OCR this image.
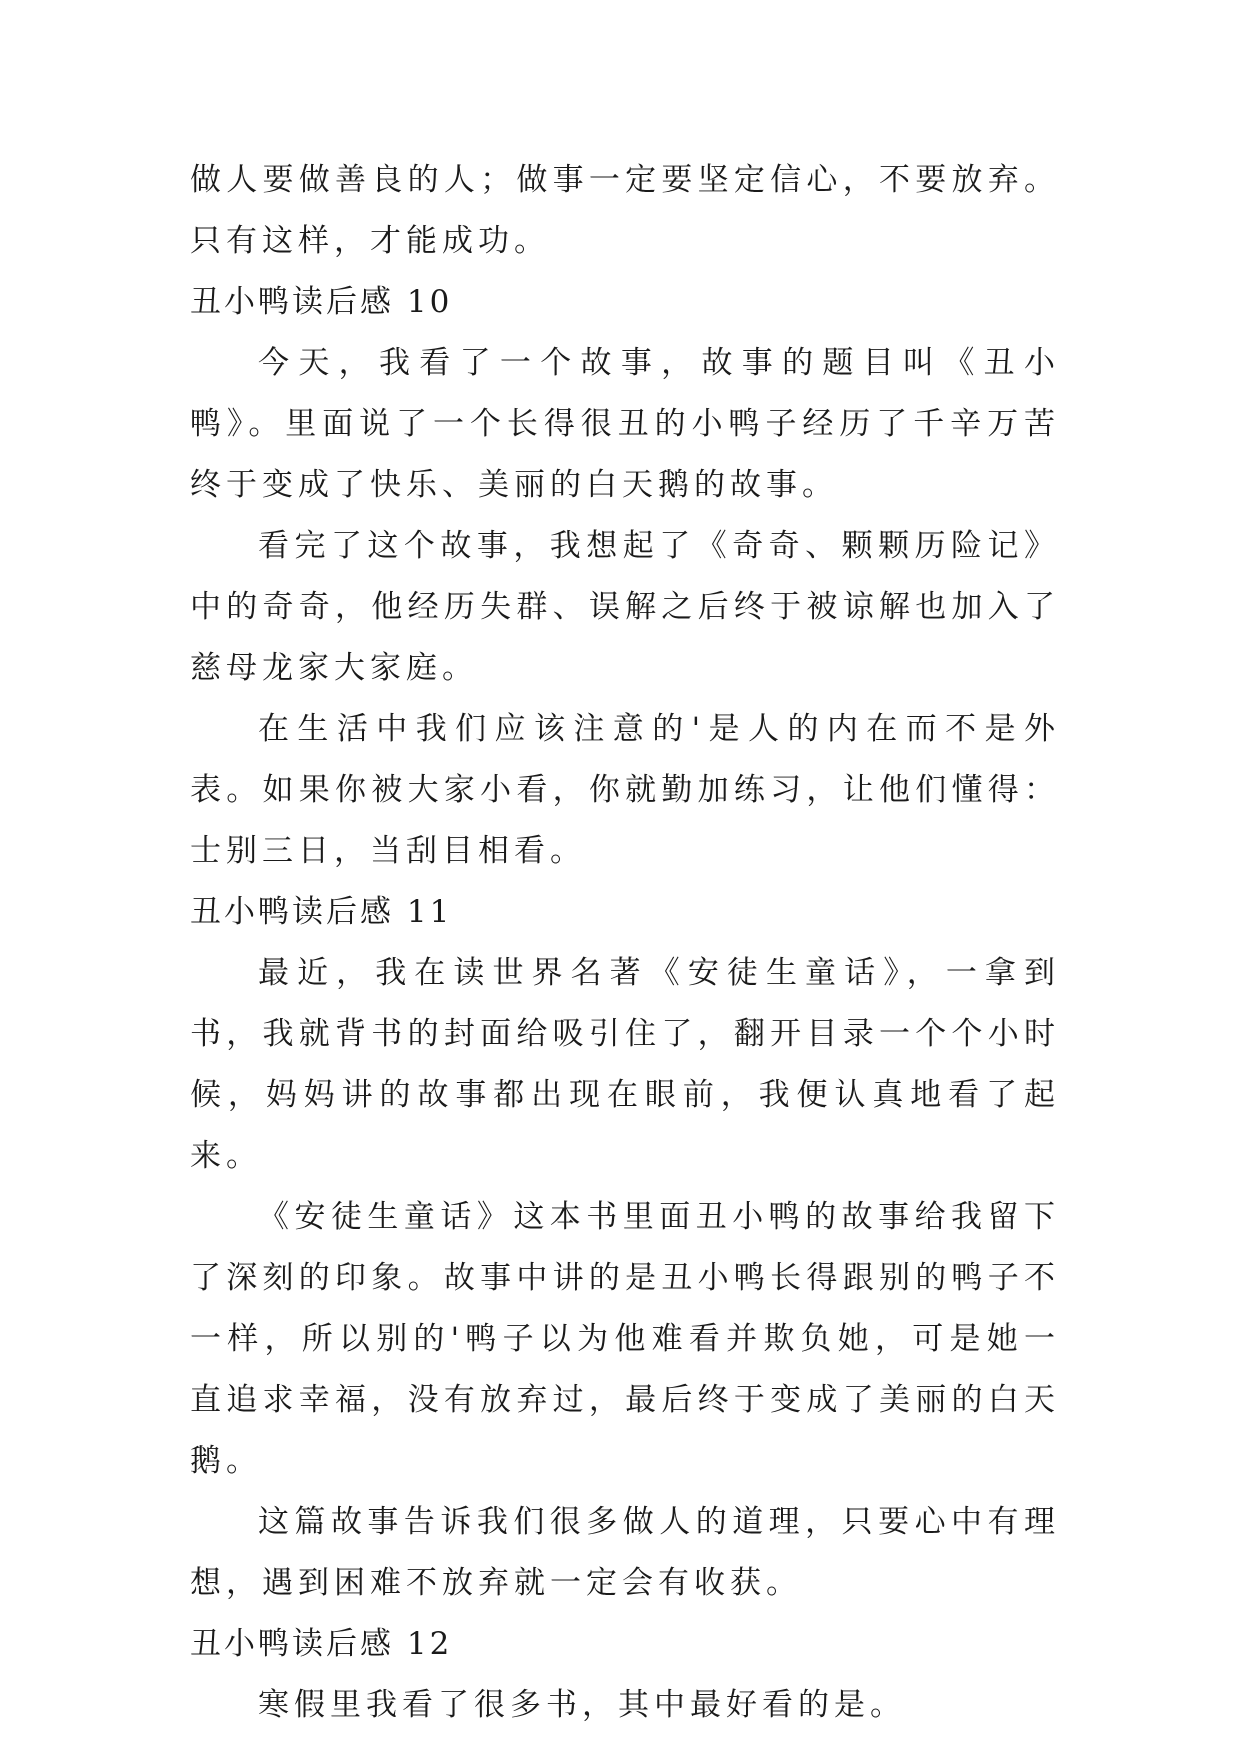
做人要做善良的人；做事一定要坚定信心，不要放弃。只有这样，才能成功。

丑小鸭读后感 10

今天，我看了一个故事，故事的题目叫《丑小鸭》。里面说了一个长得很丑的小鸭子经历了千辛万苦终于变成了快乐、美丽的白天鹅的故事。

看完了这个故事，我想起了《奇奇、颗颗历险记》中的奇奇，他经历失群、误解之后终于被谅解也加入了慈母龙家大家庭。

在生活中我们应该注意的'是人的内在而不是外表。如果你被大家小看，你就勤加练习，让他们懂得：士别三日，当刮目相看。

丑小鸭读后感 11

最近，我在读世界名著《安徒生童话》，一拿到书，我就背书的封面给吸引住了，翻开目录一个个小时候，妈妈讲的故事都出现在眼前，我便认真地看了起来。

《安徒生童话》这本书里面丑小鸭的故事给我留下了深刻的印象。故事中讲的是丑小鸭长得跟别的鸭子不一样，所以别的'鸭子以为他难看并欺负她，可是她一直追求幸福，没有放弃过，最后终于变成了美丽的白天鹅。

这篇故事告诉我们很多做人的道理，只要心中有理想，遇到困难不放弃就一定会有收获。

丑小鸭读后感 12

寒假里我看了很多书，其中最好看的是。
